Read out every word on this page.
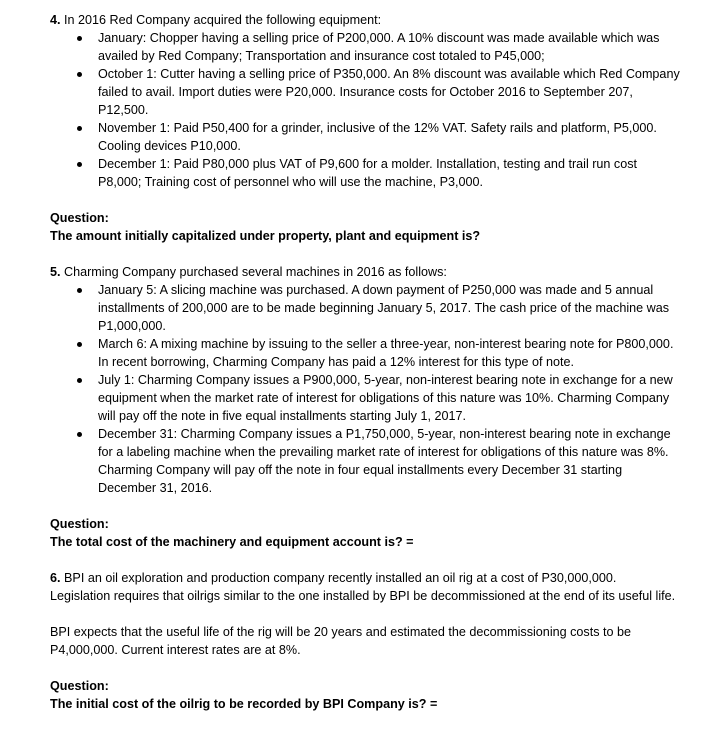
4. In 2016 Red Company acquired the following equipment:

January: Chopper having a selling price of P200,000. A 10% discount was made available which was availed by Red Company; Transportation and insurance cost totaled to P45,000;
October 1: Cutter having a selling price of P350,000. An 8% discount was available which Red Company failed to avail. Import duties were P20,000. Insurance costs for October 2016 to September 207, P12,500.
November 1: Paid P50,400 for a grinder, inclusive of the 12% VAT. Safety rails and platform, P5,000. Cooling devices P10,000.
December 1: Paid P80,000 plus VAT of P9,600 for a molder. Installation, testing and trail run cost P8,000; Training cost of personnel who will use the machine, P3,000.

Question:

The amount initially capitalized under property, plant and equipment is?

5. Charming Company purchased several machines in 2016 as follows:

January 5: A slicing machine was purchased. A down payment of P250,000 was made and 5 annual installments of 200,000 are to be made beginning January 5, 2017. The cash price of the machine was P1,000,000.
March 6: A mixing machine by issuing to the seller a three-year, non-interest bearing note for P800,000. In recent borrowing, Charming Company has paid a 12% interest for this type of note.
July 1: Charming Company issues a P900,000, 5-year, non-interest bearing note in exchange for a new equipment when the market rate of interest for obligations of this nature was 10%. Charming Company will pay off the note in five equal installments starting July 1, 2017.
December 31: Charming Company issues a P1,750,000, 5-year, non-interest bearing note in exchange for a labeling machine when the prevailing market rate of interest for obligations of this nature was 8%. Charming Company will pay off the note in four equal installments every December 31 starting December 31, 2016.

Question:

The total cost of the machinery and equipment account is? =

6. BPI an oil exploration and production company recently installed an oil rig at a cost of P30,000,000. Legislation requires that oilrigs similar to the one installed by BPI be decommissioned at the end of its useful life.

BPI expects that the useful life of the rig will be 20 years and estimated the decommissioning costs to be P4,000,000. Current interest rates are at 8%.

Question:

The initial cost of the oilrig to be recorded by BPI Company is? =
